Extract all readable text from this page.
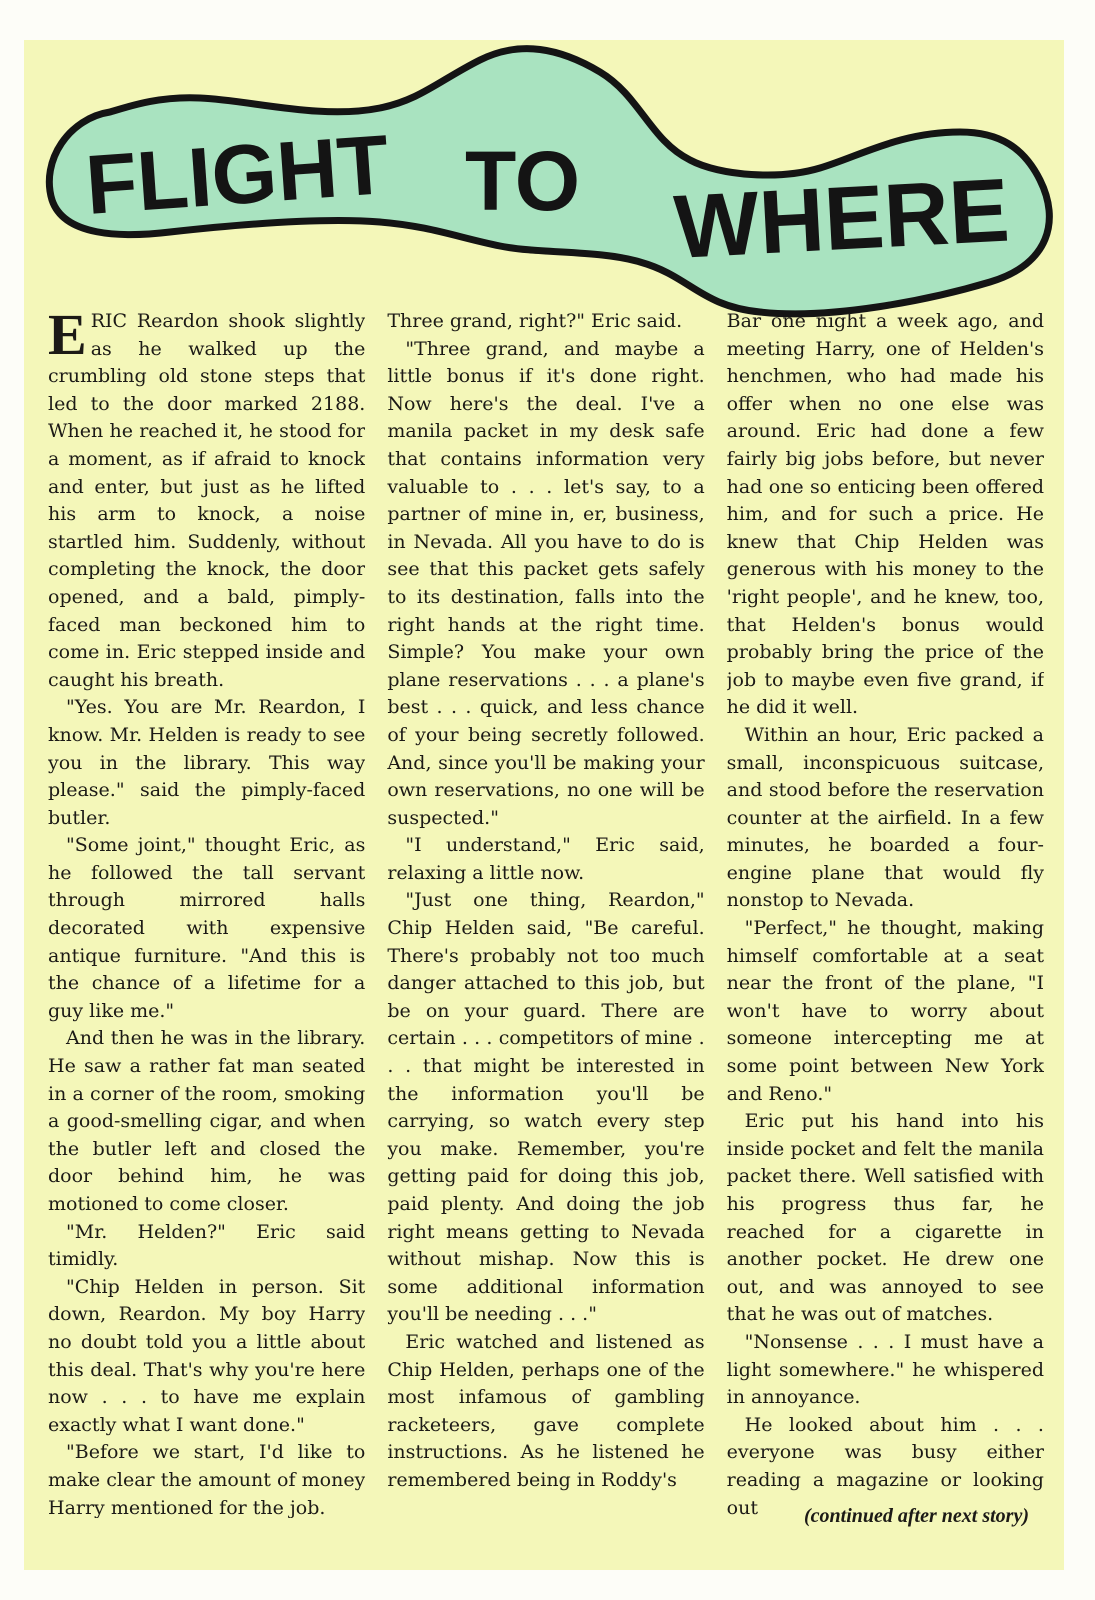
FLIGHT TO WHERE

ERIC Reardon shook slightly as he walked up the crumbling old stone steps that led to the door marked 2188. When he reached it, he stood for a moment, as if afraid to knock and enter, but just as he lifted his arm to knock, a noise startled him. Suddenly, without completing the knock, the door opened, and a bald, pimply-faced man beckoned him to come in. Eric stepped inside and caught his breath.

"Yes. You are Mr. Reardon, I know. Mr. Helden is ready to see you in the library. This way please." said the pimply-faced butler.

"Some joint," thought Eric, as he followed the tall servant through mirrored halls decorated with expensive antique furniture. "And this is the chance of a lifetime for a guy like me."

And then he was in the library. He saw a rather fat man seated in a corner of the room, smoking a good-smelling cigar, and when the butler left and closed the door behind him, he was motioned to come closer.

"Mr. Helden?" Eric said timidly.

"Chip Helden in person. Sit down, Reardon. My boy Harry no doubt told you a little about this deal. That's why you're here now . . . to have me explain exactly what I want done."

"Before we start, I'd like to make clear the amount of money Harry mentioned for the job.

Three grand, right?" Eric said.

"Three grand, and maybe a little bonus if it's done right. Now here's the deal. I've a manila packet in my desk safe that contains information very valuable to . . . let's say, to a partner of mine in, er, business, in Nevada. All you have to do is see that this packet gets safely to its destination, falls into the right hands at the right time. Simple? You make your own plane reservations . . . a plane's best . . . quick, and less chance of your being secretly followed. And, since you'll be making your own reservations, no one will be suspected."

"I understand," Eric said, relaxing a little now.

"Just one thing, Reardon," Chip Helden said, "Be careful. There's probably not too much danger attached to this job, but be on your guard. There are certain . . . competitors of mine . . . that might be interested in the information you'll be carrying, so watch every step you make. Remember, you're getting paid for doing this job, paid plenty. And doing the job right means getting to Nevada without mishap. Now this is some additional information you'll be needing . . ."

Eric watched and listened as Chip Helden, perhaps one of the most infamous of gambling racketeers, gave complete instructions. As he listened he remembered being in Roddy's

Bar one night a week ago, and meeting Harry, one of Helden's henchmen, who had made his offer when no one else was around. Eric had done a few fairly big jobs before, but never had one so enticing been offered him, and for such a price. He knew that Chip Helden was generous with his money to the 'right people', and he knew, too, that Helden's bonus would probably bring the price of the job to maybe even five grand, if he did it well.

Within an hour, Eric packed a small, inconspicuous suitcase, and stood before the reservation counter at the airfield. In a few minutes, he boarded a four-engine plane that would fly nonstop to Nevada.

"Perfect," he thought, making himself comfortable at a seat near the front of the plane, "I won't have to worry about someone intercepting me at some point between New York and Reno."

Eric put his hand into his inside pocket and felt the manila packet there. Well satisfied with his progress thus far, he reached for a cigarette in another pocket. He drew one out, and was annoyed to see that he was out of matches.

"Nonsense . . . I must have a light somewhere." he whispered in annoyance.

He looked about him . . . everyone was busy either reading a magazine or looking out	(continued after next story)
